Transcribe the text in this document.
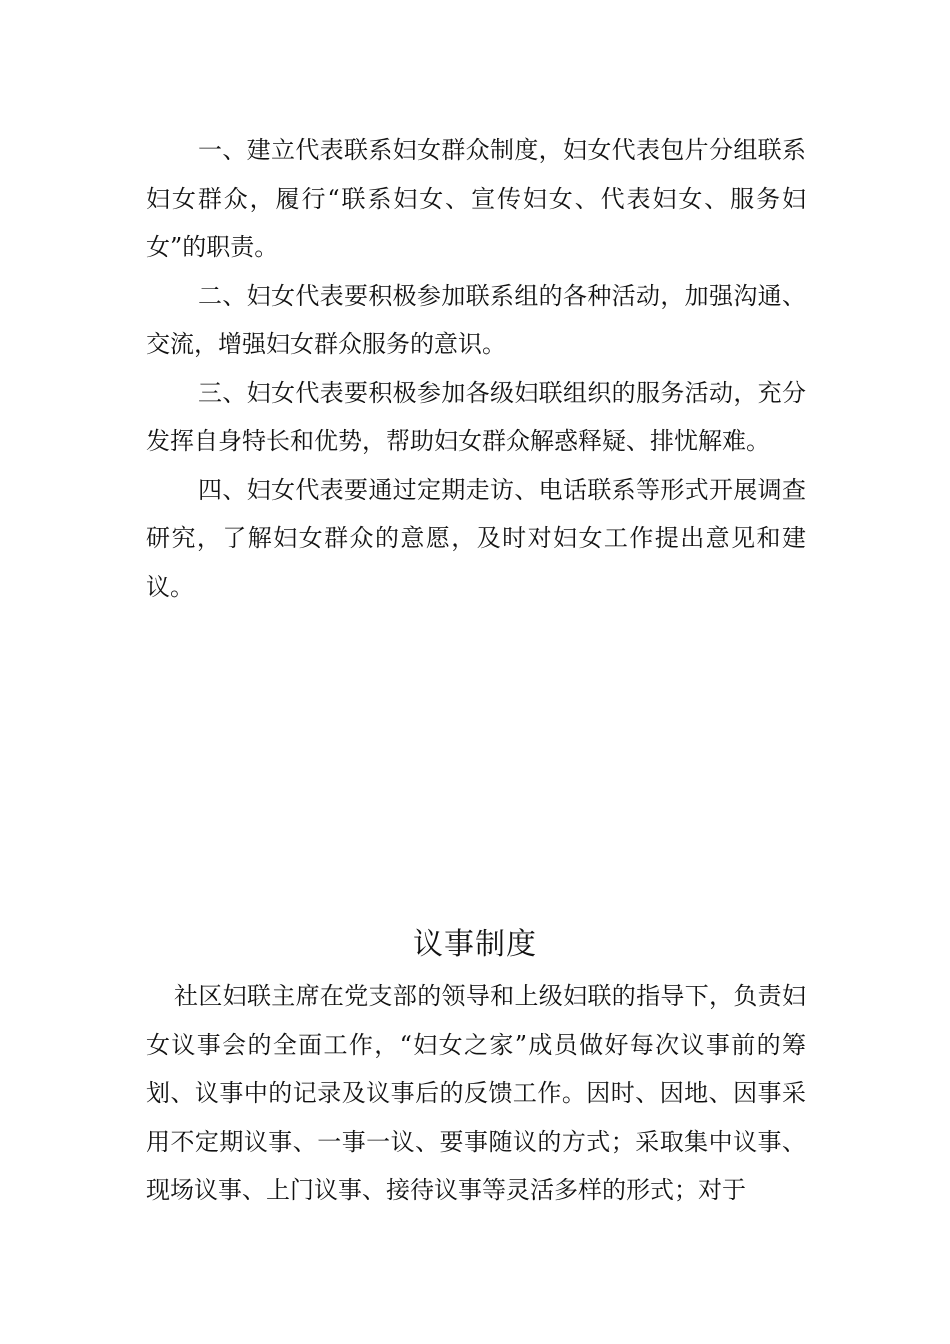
一、建立代表联系妇女群众制度，妇女代表包片分组联系妇女群众，履行“联系妇女、宣传妇女、代表妇女、服务妇女”的职责。

二、妇女代表要积极参加联系组的各种活动，加强沟通、交流，增强妇女群众服务的意识。

三、妇女代表要积极参加各级妇联组织的服务活动，充分发挥自身特长和优势，帮助妇女群众解惑释疑、排忧解难。

四、妇女代表要通过定期走访、电话联系等形式开展调查研究，了解妇女群众的意愿，及时对妇女工作提出意见和建议。

议事制度

社区妇联主席在党支部的领导和上级妇联的指导下，负责妇女议事会的全面工作，“妇女之家”成员做好每次议事前的筹划、议事中的记录及议事后的反馈工作。因时、因地、因事采用不定期议事、一事一议、要事随议的方式；采取集中议事、现场议事、上门议事、接待议事等灵活多样的形式；对于
